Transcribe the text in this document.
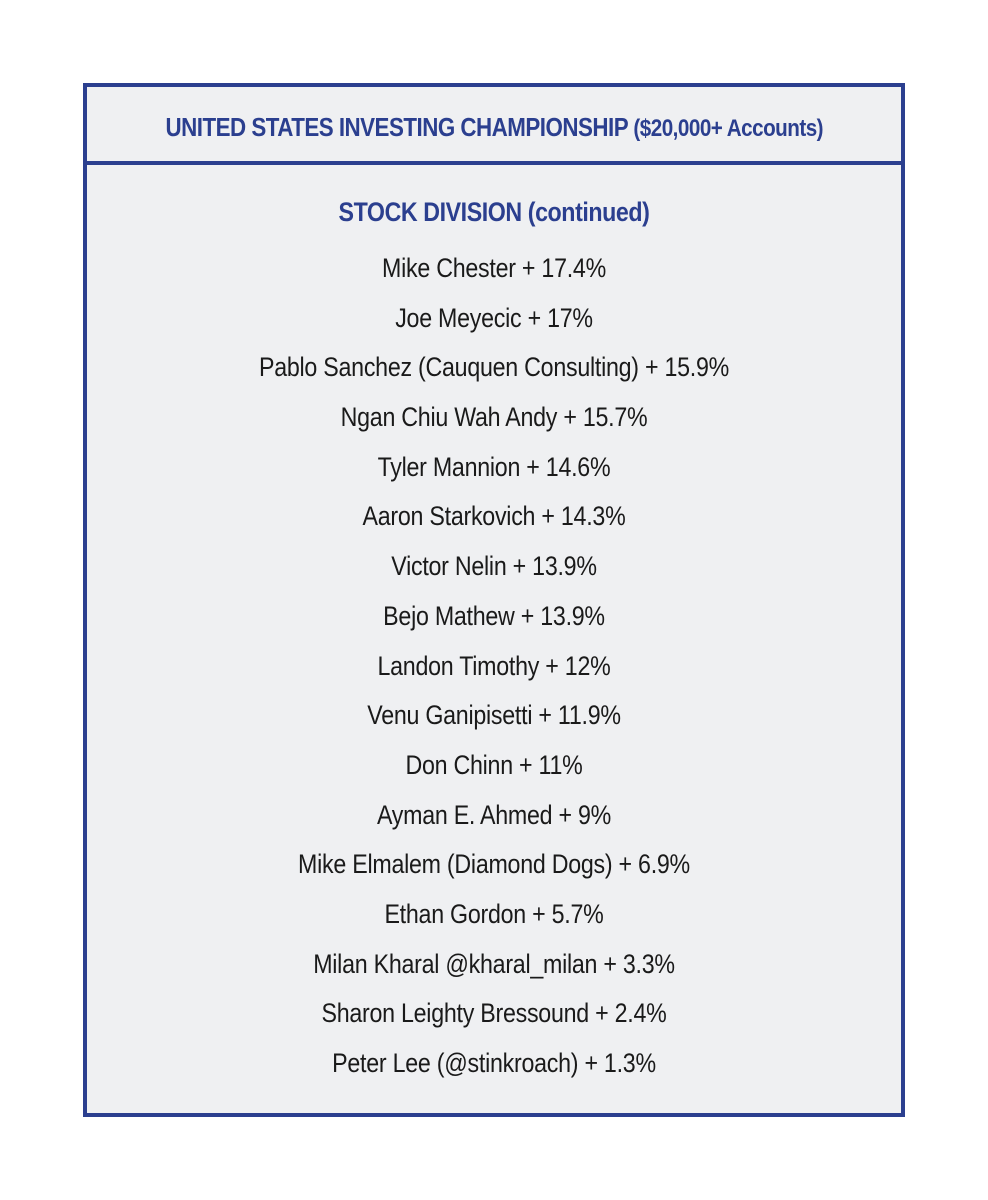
UNITED STATES INVESTING CHAMPIONSHIP ($20,000+ Accounts)
STOCK DIVISION (continued)
Mike Chester + 17.4%
Joe Meyecic + 17%
Pablo Sanchez (Cauquen Consulting) + 15.9%
Ngan Chiu Wah Andy + 15.7%
Tyler Mannion + 14.6%
Aaron Starkovich + 14.3%
Victor Nelin + 13.9%
Bejo Mathew + 13.9%
Landon Timothy + 12%
Venu Ganipisetti + 11.9%
Don Chinn + 11%
Ayman E. Ahmed + 9%
Mike Elmalem (Diamond Dogs) + 6.9%
Ethan Gordon + 5.7%
Milan Kharal @kharal_milan + 3.3%
Sharon Leighty Bressound + 2.4%
Peter Lee (@stinkroach) + 1.3%
